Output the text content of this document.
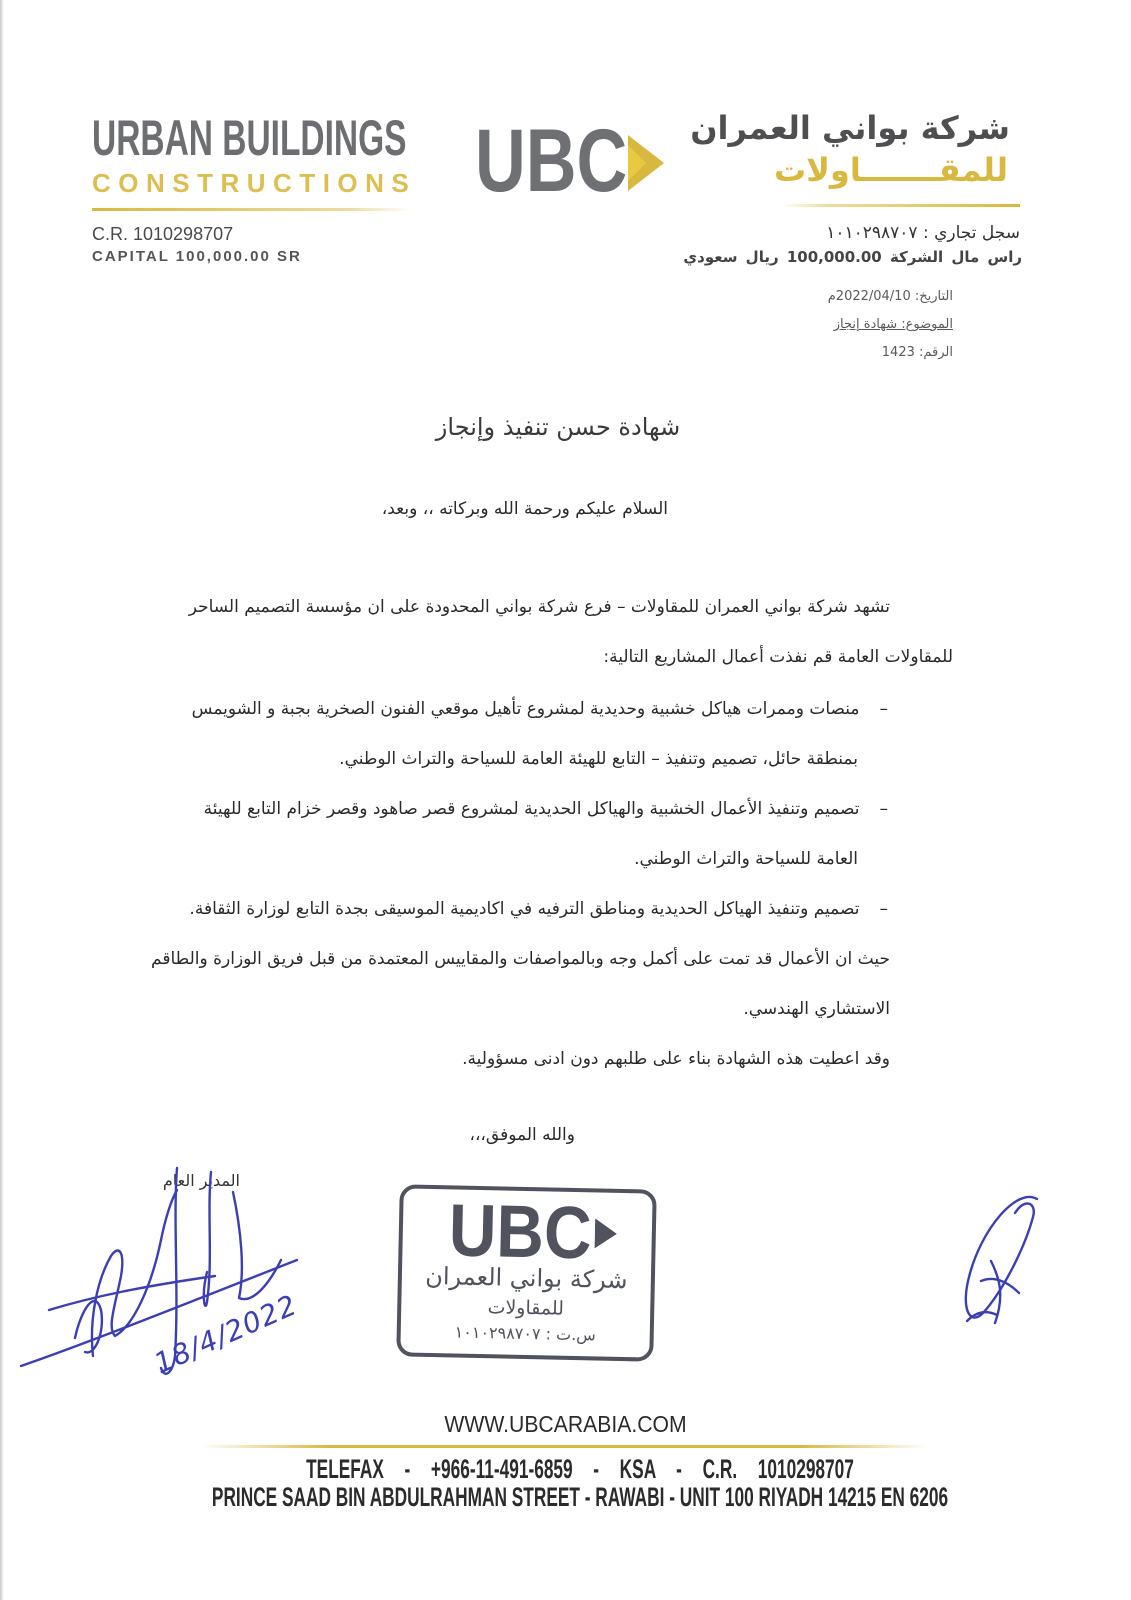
URBAN BUILDINGS
CONSTRUCTIONS
C.R. 1010298707
CAPITAL 100,000.00 SR
UBC شركة بواني العمران
للمقـــــــاولات
سجل تجاري : ١٠١٠٢٩٨٧٠٧
راس مال الشركة 100,000.00 ريال سعودي
التاريخ: 2022/04/10م
الموضوع: شهادة إنجاز
الرقم: 1423
شهادة حسن تنفيذ وإنجاز
السلام عليكم ورحمة الله وبركاته ،، وبعد،
تشهد شركة بواني العمران للمقاولات – فرع شركة بواني المحدودة على ان مؤسسة التصميم الساحر
للمقاولات العامة قم نفذت أعمال المشاريع التالية:
–منصات وممرات هياكل خشبية وحديدية لمشروع تأهيل موقعي الفنون الصخرية بجبة و الشويمس
بمنطقة حائل، تصميم وتنفيذ – التابع للهيئة العامة للسياحة والتراث الوطني.
–تصميم وتنفيذ الأعمال الخشبية والهياكل الحديدية لمشروع قصر صاهود وقصر خزام التابع للهيئة
العامة للسياحة والتراث الوطني.
–تصميم وتنفيذ الهياكل الحديدية ومناطق الترفيه في اكاديمية الموسيقى بجدة التابع لوزارة الثقافة.
حيث ان الأعمال قد تمت على أكمل وجه وبالمواصفات والمقاييس المعتمدة من قبل فريق الوزارة والطاقم
الاستشاري الهندسي.
وقد اعطيت هذه الشهادة بناء على طلبهم دون ادنى مسؤولية.
والله الموفق،،،
المدير العام
18/4/2022
UBC
شركة بواني العمران
للمقاولات
س.ت : ١٠١٠٢٩٨٧٠٧
WWW.UBCARABIA.COM
TELEFAX - +966-11-491-6859 - KSA - C.R. 1010298707
PRINCE SAAD BIN ABDULRAHMAN STREET - RAWABI - UNIT 100 RIYADH 14215 EN 6206
